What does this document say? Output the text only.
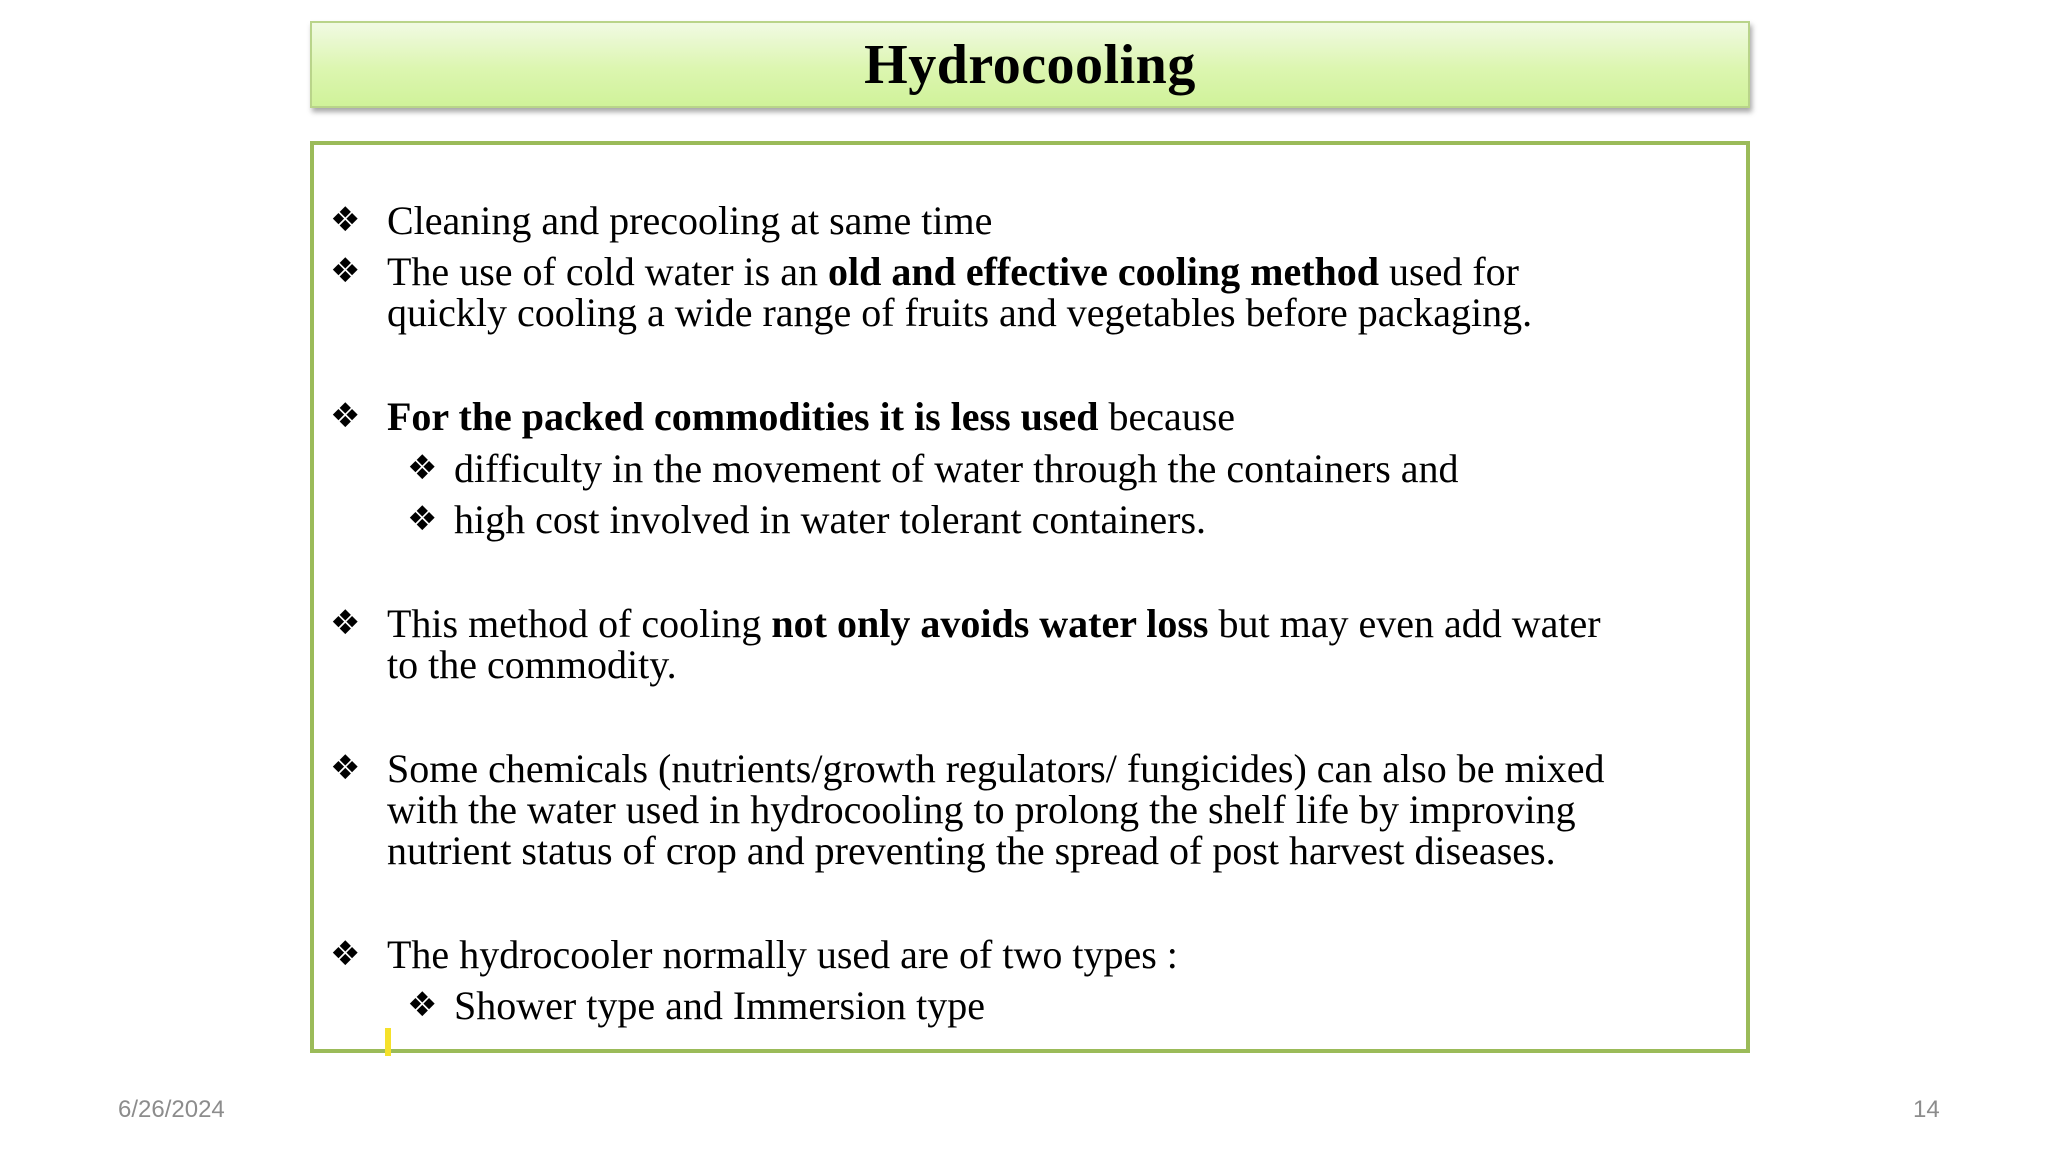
Hydrocooling
❖ Cleaning and precooling at same time
❖ The use of cold water is an old and effective cooling method used for
quickly cooling a wide range of fruits and vegetables before packaging.
❖ For the packed commodities it is less used because
❖ difficulty in the movement of water through the containers and
❖ high cost involved in water tolerant containers.
❖ This method of cooling not only avoids water loss but may even add water
to the commodity.
❖ Some chemicals (nutrients/growth regulators/ fungicides) can also be mixed
with the water used in hydrocooling to prolong the shelf life by improving
nutrient status of crop and preventing the spread of post harvest diseases.
❖ The hydrocooler normally used are of two types :
❖ Shower type and Immersion type
6/26/2024	14
